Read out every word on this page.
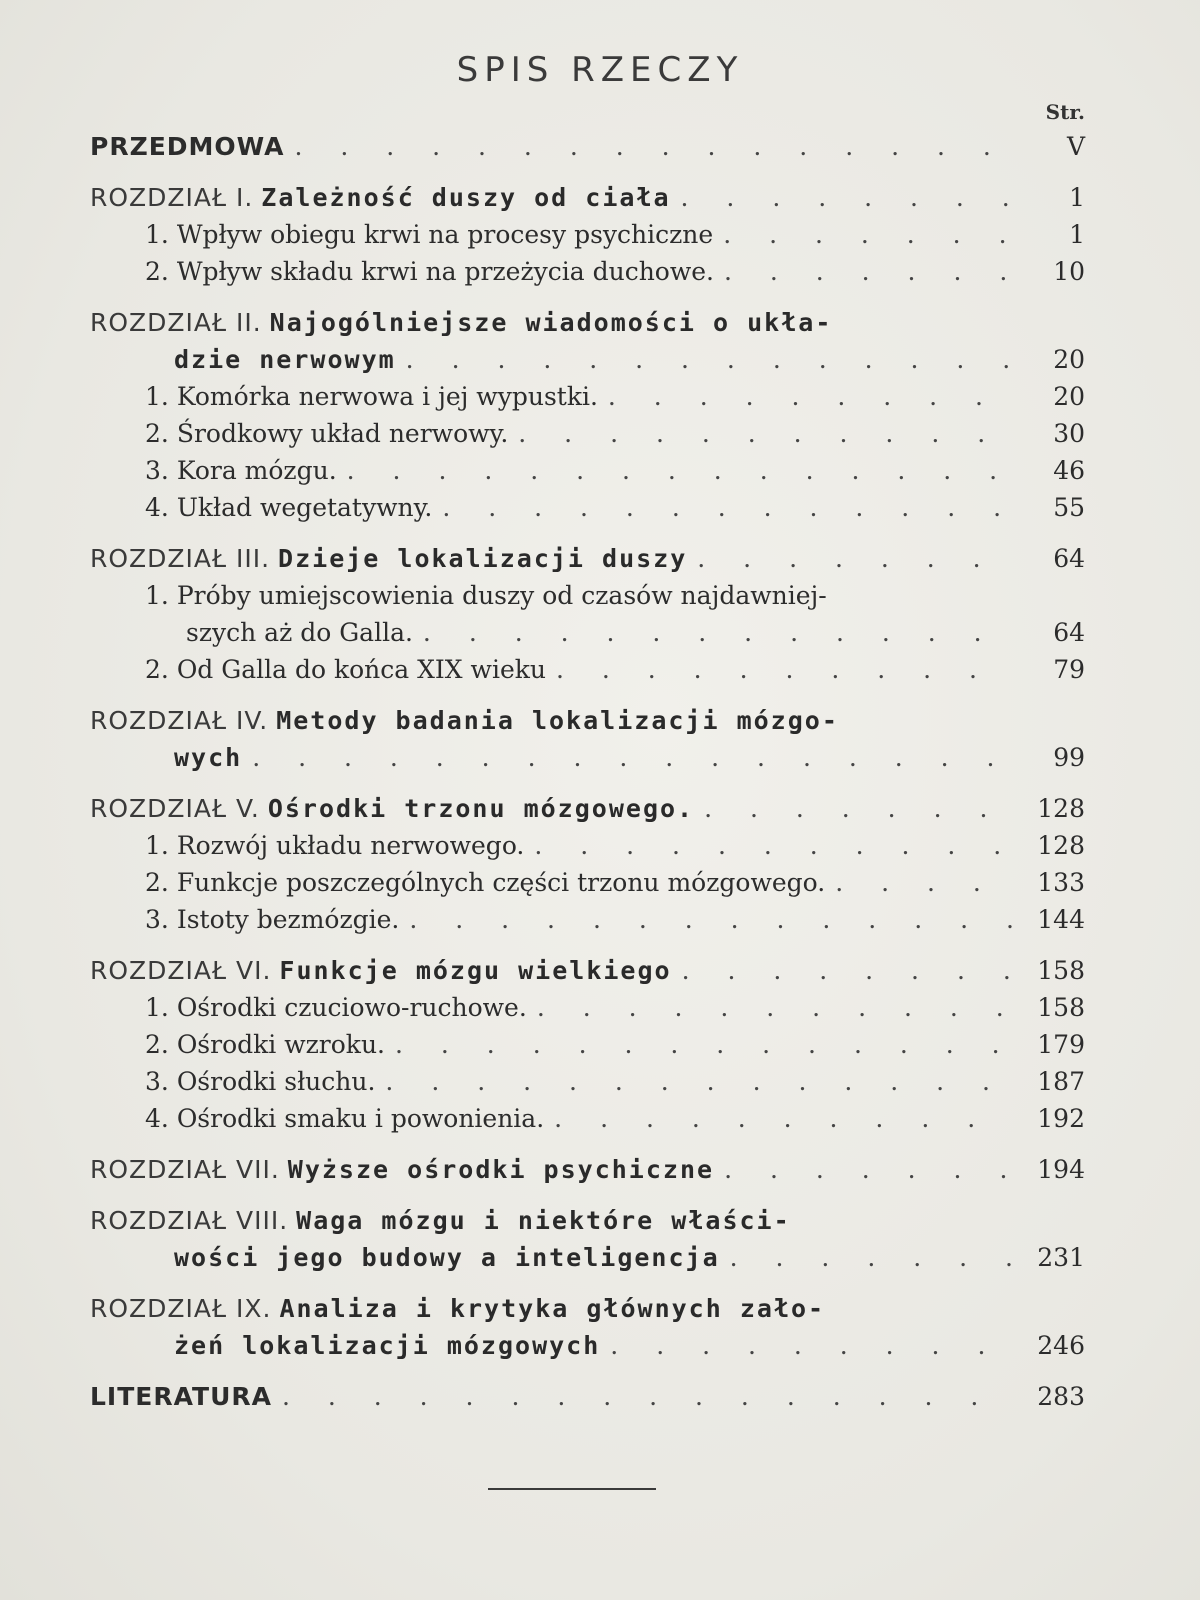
SPIS RZECZY
Str.
PRZEDMOWA . . .	V
ROZDZIAŁ I. Zależność duszy od ciała . . .	1
1. Wpływ obiegu krwi na procesy psychiczne . . .	1
2. Wpływ składu krwi na przeżycia duchowe. . . .	10
ROZDZIAŁ II. Najogólniejsze wiadomości o ukła-
dzie nerwowym . . .	20
1. Komórka nerwowa i jej wypustki. . . .	20
2. Środkowy układ nerwowy. . . .	30
3. Kora mózgu. . . .	46
4. Układ wegetatywny. . . .	55
ROZDZIAŁ III. Dzieje lokalizacji duszy . . .	64
1. Próby umiejscowienia duszy od czasów najdawniej-
szych aż do Galla. . . .	64
2. Od Galla do końca XIX wieku . . .	79
ROZDZIAŁ IV. Metody badania lokalizacji mózgo-
wych . . .	99
ROZDZIAŁ V. Ośrodki trzonu mózgowego. . . .	128
1. Rozwój układu nerwowego. . . .	128
2. Funkcje poszczególnych części trzonu mózgowego. . . .	133
3. Istoty bezmózgie. . . .	144
ROZDZIAŁ VI. Funkcje mózgu wielkiego . . .	158
1. Ośrodki czuciowo-ruchowe. . . .	158
2. Ośrodki wzroku. . . .	179
3. Ośrodki słuchu. . . .	187
4. Ośrodki smaku i powonienia. . . .	192
ROZDZIAŁ VII. Wyższe ośrodki psychiczne . . .	194
ROZDZIAŁ VIII. Waga mózgu i niektóre właści-
wości jego budowy a inteligencja . . .	231
ROZDZIAŁ IX. Analiza i krytyka głównych zało-
żeń lokalizacji mózgowych . . .	246
LITERATURA . . .	283
